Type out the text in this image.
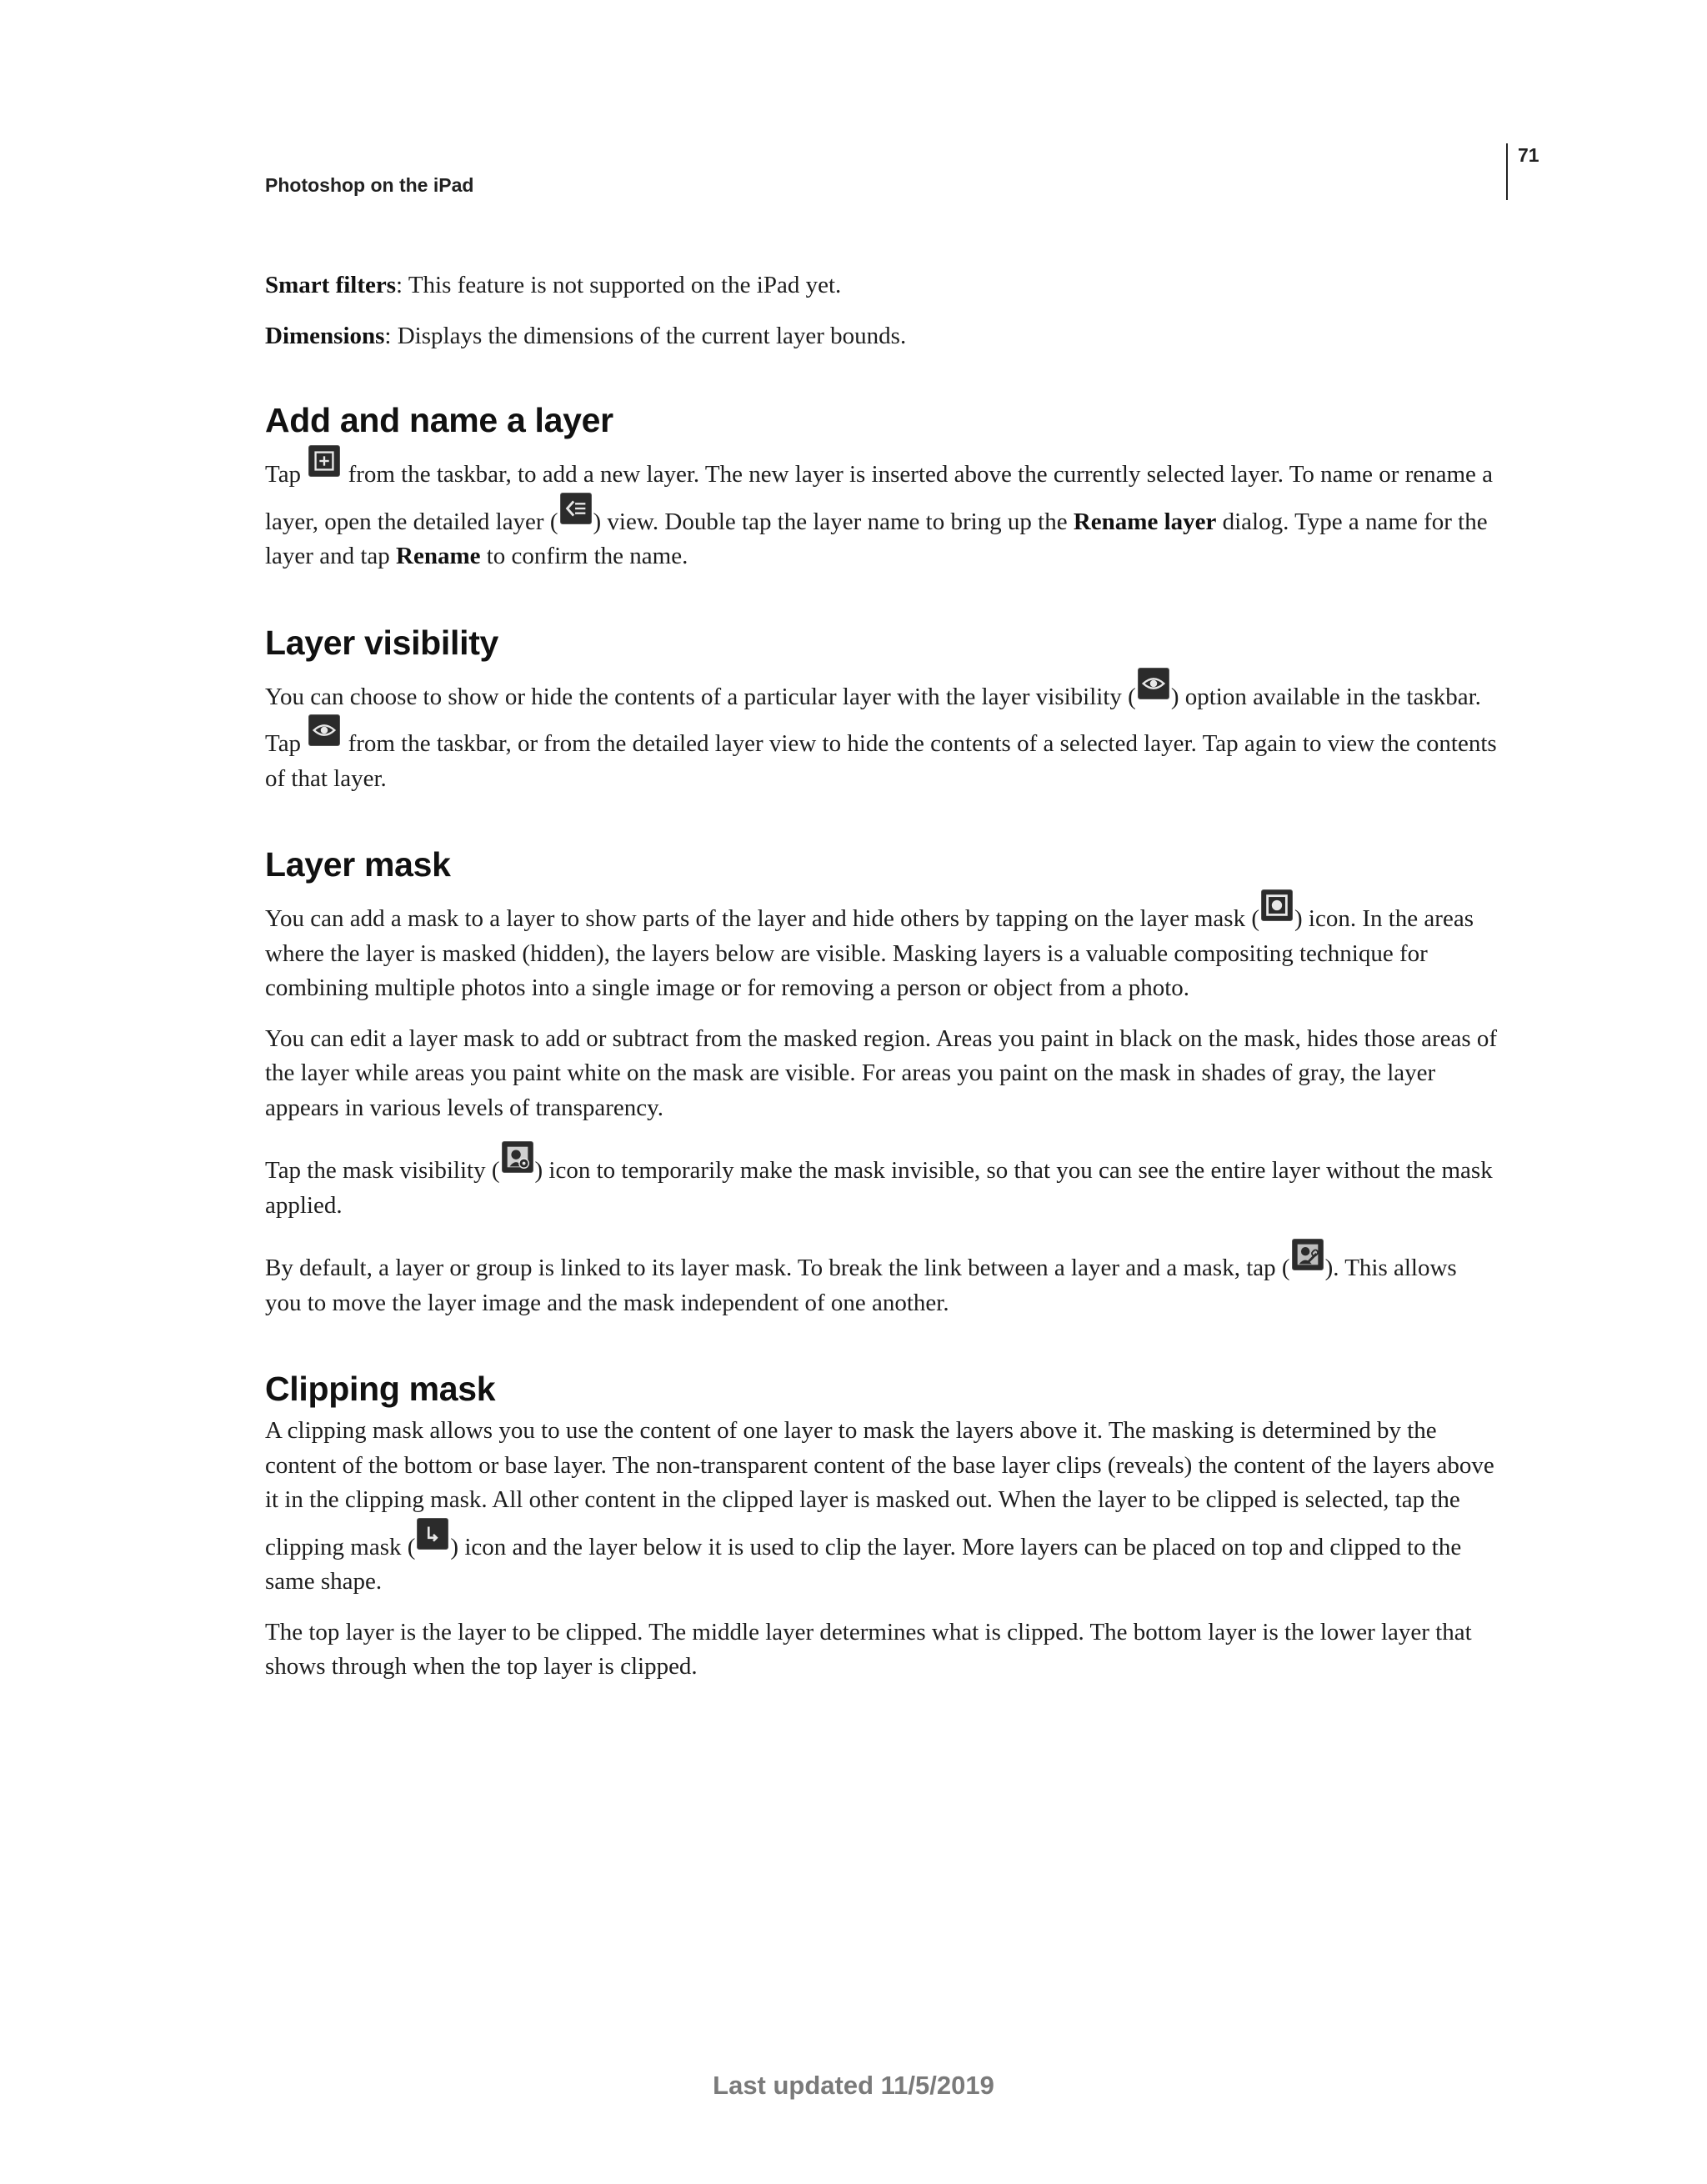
Photoshop on the iPad
71

Smart filters: This feature is not supported on the iPad yet.

Dimensions: Displays the dimensions of the current layer bounds.

Add and name a layer

Tap
from the taskbar, to add a new layer. The new layer is inserted above the currently selected layer. To name or rename a layer, open the detailed layer ( ) view. Double tap the layer name to bring up the Rename layer dialog. Type a name for the layer and tap Rename to confirm the name.

Layer visibility

You can choose to show or hide the contents of a particular layer with the layer visibility ( ) option available in the taskbar. Tap
from the taskbar, or from the detailed layer view to hide the contents of a selected layer. Tap again to view the contents of that layer.

Layer mask

You can add a mask to a layer to show parts of the layer and hide others by tapping on the layer mask ( ) icon. In the areas where the layer is masked (hidden), the layers below are visible. Masking layers is a valuable compositing technique for combining multiple photos into a single image or for removing a person or object from a photo.

You can edit a layer mask to add or subtract from the masked region. Areas you paint in black on the mask, hides those areas of the layer while areas you paint white on the mask are visible. For areas you paint on the mask in shades of gray, the layer appears in various levels of transparency.

Tap the mask visibility ( ) icon to temporarily make the mask invisible, so that you can see the entire layer without the mask applied.

By default, a layer or group is linked to its layer mask. To break the link between a layer and a mask, tap ( ). This allows you to move the layer image and the mask independent of one another.

Clipping mask

A clipping mask allows you to use the content of one layer to mask the layers above it. The masking is determined by the content of the bottom or base layer. The non-transparent content of the base layer clips (reveals) the content of the layers above it in the clipping mask. All other content in the clipped layer is masked out. When the layer to be clipped is selected, tap the clipping mask ( ) icon and the layer below it is used to clip the layer. More layers can be placed on top and clipped to the same shape.

The top layer is the layer to be clipped. The middle layer determines what is clipped. The bottom layer is the lower layer that shows through when the top layer is clipped.

Last updated 11/5/2019
